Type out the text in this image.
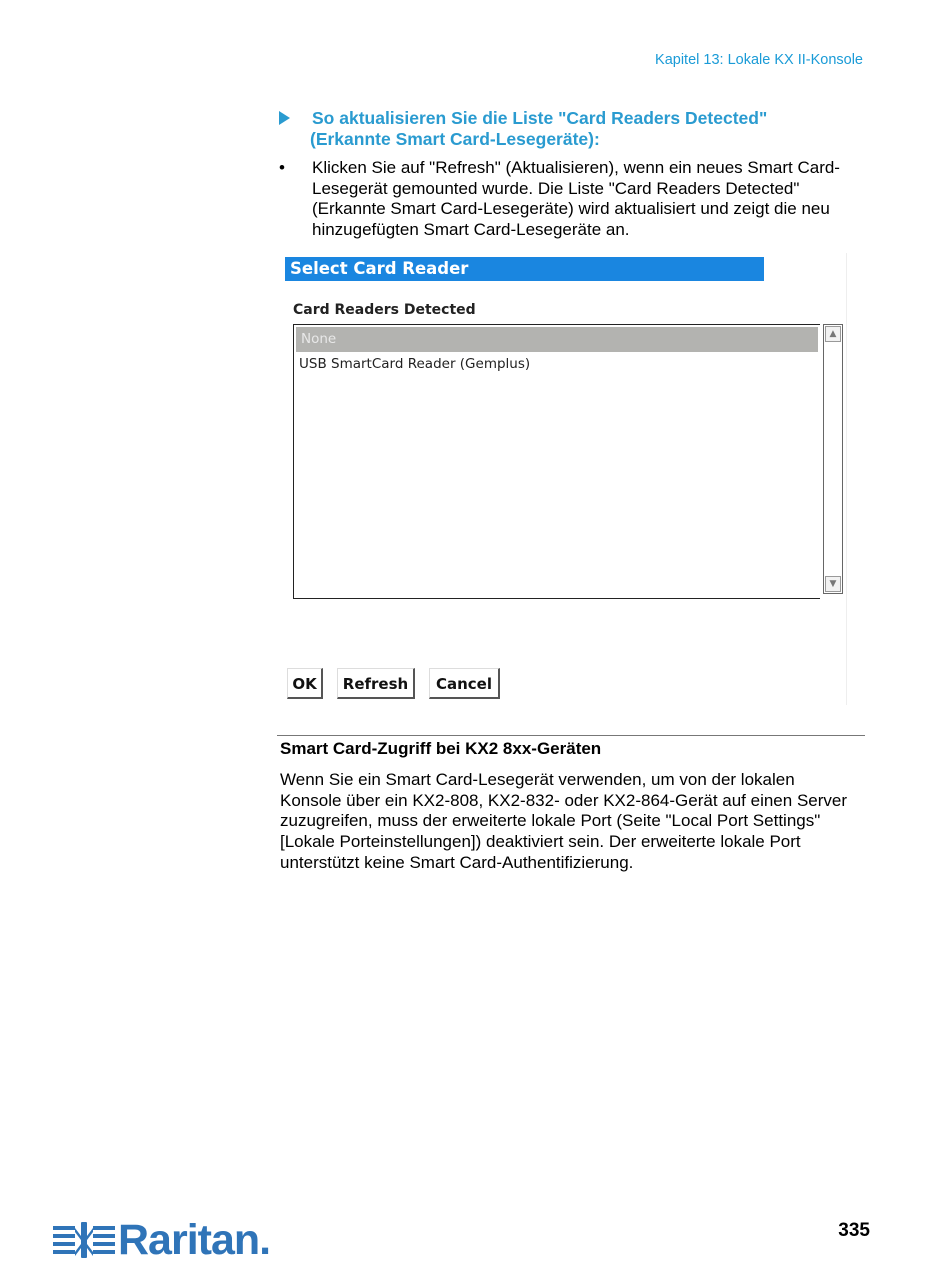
Kapitel 13: Lokale KX II-Konsole
So aktualisieren Sie die Liste "Card Readers Detected"
(Erkannte Smart Card-Lesegeräte):
• Klicken Sie auf "Refresh" (Aktualisieren), wenn ein neues Smart Card-Lesegerät gemounted wurde. Die Liste "Card Readers Detected" (Erkannte Smart Card-Lesegeräte) wird aktualisiert und zeigt die neu hinzugefügten Smart Card-Lesegeräte an.
Select Card Reader
Card Readers Detected
None
USB SmartCard Reader (Gemplus)
▲
▼
OK	Refresh	Cancel
Smart Card-Zugriff bei KX2 8xx-Geräten
Wenn Sie ein Smart Card-Lesegerät verwenden, um von der lokalen Konsole über ein KX2-808, KX2-832- oder KX2-864-Gerät auf einen Server zuzugreifen, muss der erweiterte lokale Port (Seite "Local Port Settings" [Lokale Porteinstellungen]) deaktiviert sein. Der erweiterte lokale Port unterstützt keine Smart Card-Authentifizierung.
Raritan.	335
